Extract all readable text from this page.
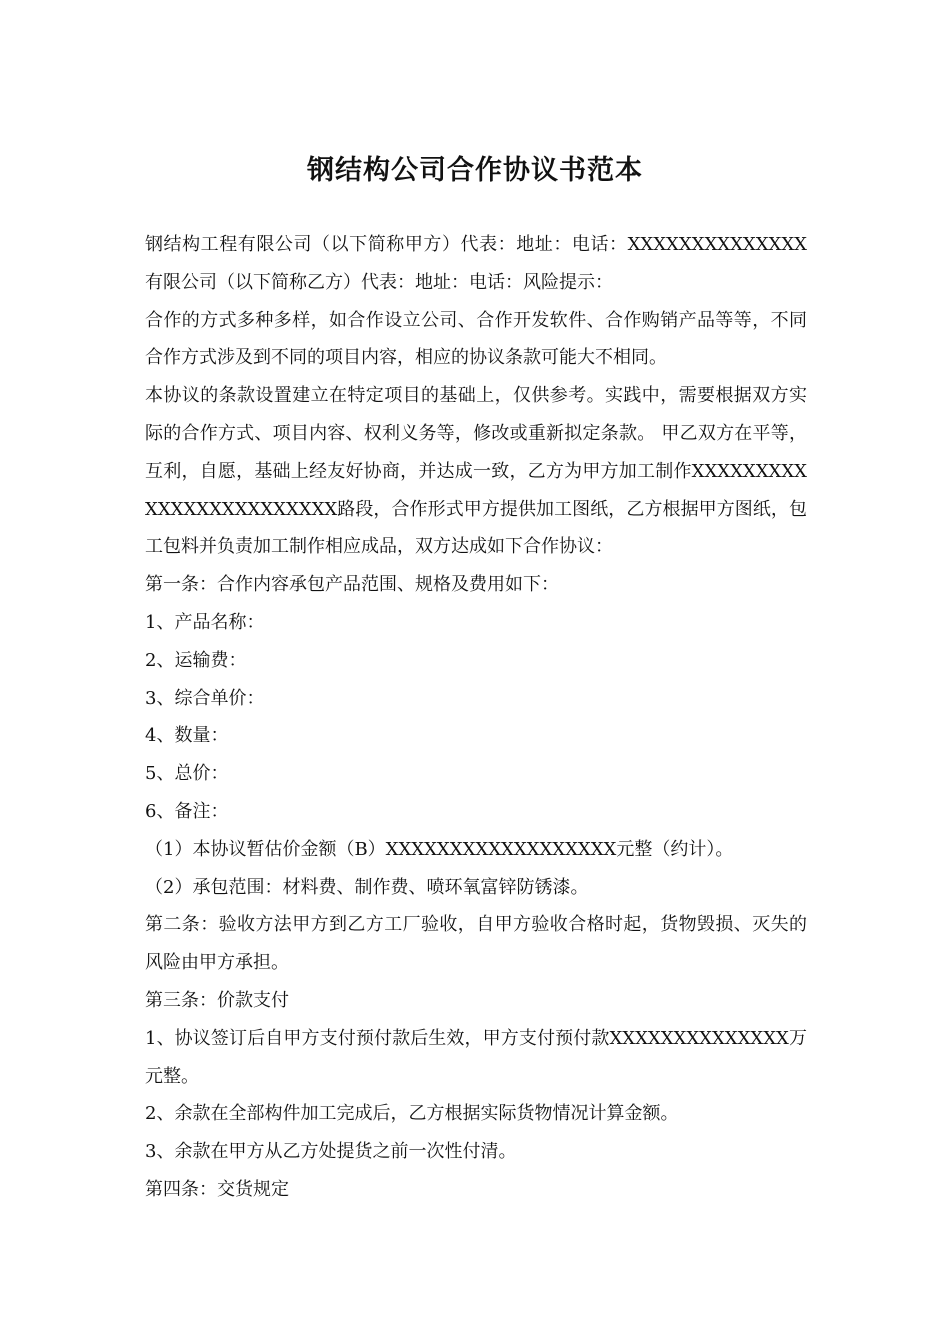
钢结构公司合作协议书范本

钢结构工程有限公司（以下简称甲方）代表：地址：电话：XXXXXXXXXXXXXX有限公司（以下简称乙方）代表：地址：电话：风险提示：

合作的方式多种多样，如合作设立公司、合作开发软件、合作购销产品等等，不同合作方式涉及到不同的项目内容，相应的协议条款可能大不相同。

本协议的条款设置建立在特定项目的基础上，仅供参考。实践中，需要根据双方实际的合作方式、项目内容、权利义务等，修改或重新拟定条款。 甲乙双方在平等，互利，自愿，基础上经友好协商，并达成一致，乙方为甲方加工制作XXXXXXXXXXXXXXXXXXXXXXXX路段，合作形式甲方提供加工图纸，乙方根据甲方图纸，包工包料并负责加工制作相应成品，双方达成如下合作协议：

第一条：合作内容承包产品范围、规格及费用如下：

1、产品名称：

2、运输费：

3、综合单价：

4、数量：

5、总价：

6、备注：

（1）本协议暂估价金额（B）XXXXXXXXXXXXXXXXXX元整（约计）。

（2）承包范围：材料费、制作费、喷环氧富锌防锈漆。

第二条：验收方法甲方到乙方工厂验收，自甲方验收合格时起，货物毁损、灭失的风险由甲方承担。

第三条：价款支付

1、协议签订后自甲方支付预付款后生效，甲方支付预付款XXXXXXXXXXXXXX万元整。

2、余款在全部构件加工完成后，乙方根据实际货物情况计算金额。

3、余款在甲方从乙方处提货之前一次性付清。

第四条：交货规定
